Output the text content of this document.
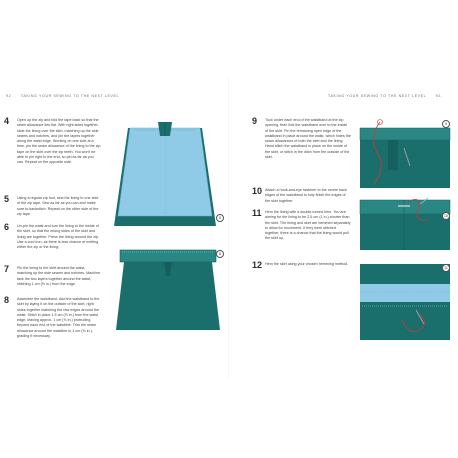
92	TAKING YOUR SEWING TO THE NEXT LEVEL	TAKING YOUR SEWING TO THE NEXT LEVEL	93
4 Open up the zip and fold the tape back so that the seam allowance lies flat. With right sides together, slide the lining over the skirt, matching up the side seams and notches, and pin the layers together along the waist edge. Working on one side at a time, pin the seam allowance of the lining to the zip tape on the skirt over the zip teeth. You won't be able to pin right to the end, so pin as far as you can. Repeat on the opposite side.
5 Using a regular zip foot, sew the lining to one side of the zip tape. Sew as far as you can and make sure to backstitch. Repeat on the other side of the zip tape.
6 Un-pin the waist and turn the lining to the inside of the skirt, so that the wrong sides of the skirt and lining are together. Press the lining around the zip. Use a cool iron, as there is less chance of melting either the zip or the lining.
7 Pin the lining to the skirt around the waist, matching up the side seams and notches. Machine tack the two layers together around the waist, stitching 1 cm (⅜ in.) from the edge.
8 Assemble the waistband. Add the waistband to the skirt by laying it on the outside of the skirt, right sides together matching the raw edges around the waist. Stitch in place 1.5 cm (⅝ in.) from the waist edge, leaving approx. 1 cm (⅜ in.) protruding beyond each end of the waistline. Trim the seam allowance around the waistline to 1 cm (⅜ in.), grading if necessary.
6
8
9 Tuck under each end of the waistband at the zip opening, then fold the waistband over to the inside of the skirt. Pin the remaining open edge of the waistband in place around the waist, which hides the seam allowances of both the skirt and the lining. Hand stitch the waistband in place on the inside of the skirt, or stitch in the ditch from the outside of the skirt.
10 Attach a hook-and-eye fastener to the centre back edges of the waistband to fully finish the edges of the skirt together.
11 Hem the lining with a double-turned hem. You are aiming for the lining to be 2.5 cm (1 in.) shorter than the skirt. The lining and skirt are hemmed separately to allow for movement. If they were stitched together, there is a chance that the lining would pull the skirt up.
12 Hem the skirt using your chosen hemming method.
9
10
11
